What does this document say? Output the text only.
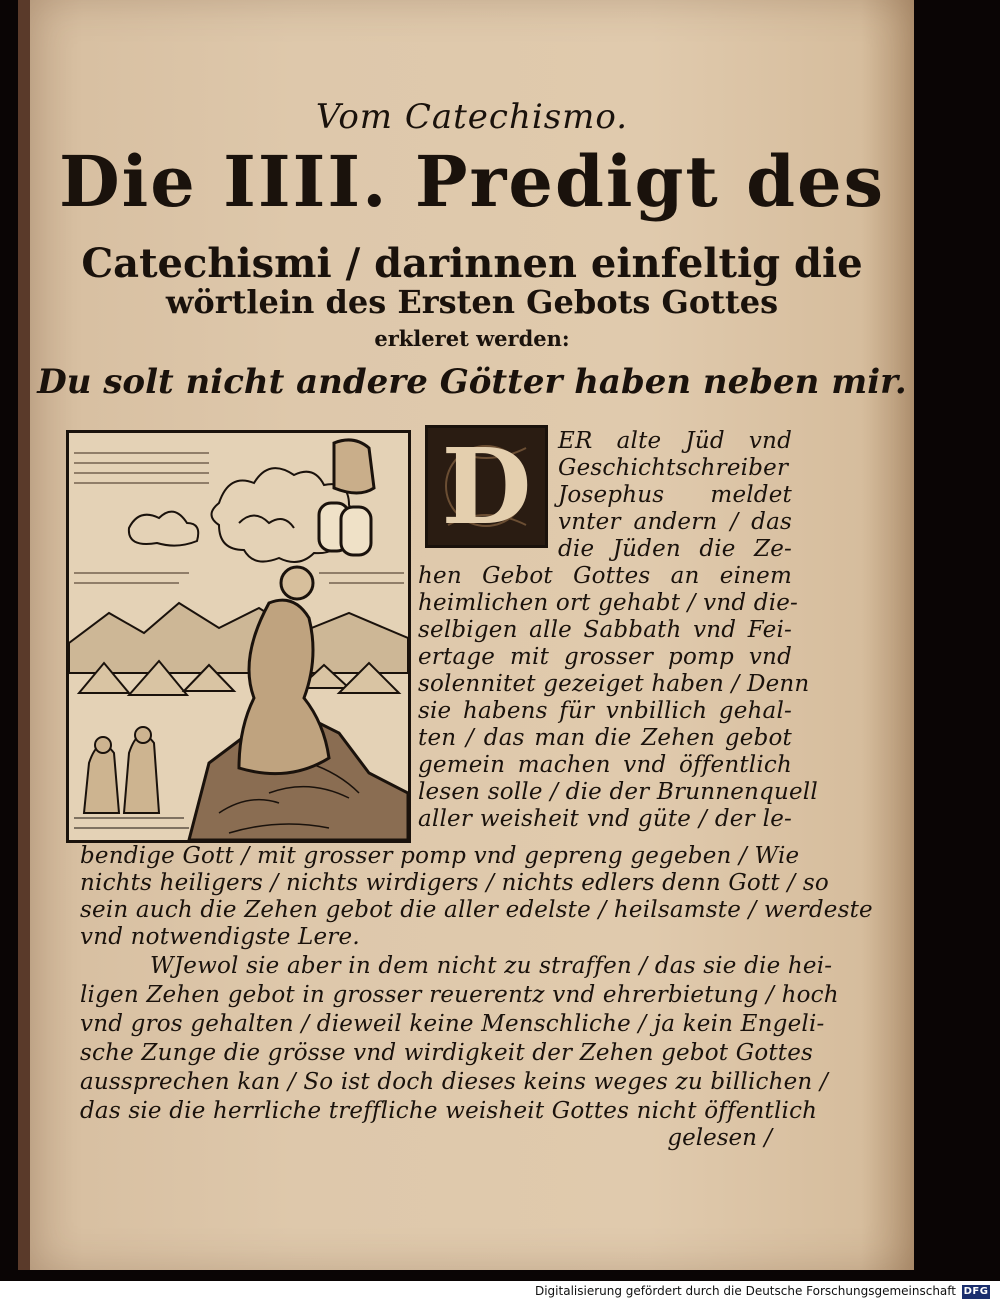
Vom Catechismo.
Die IIII. Predigt des
Catechismi / darinnen einfeltig die
wörtlein des Ersten Gebots Gottes
erkleret werden:
Du solt nicht andere Götter haben neben mir.
D	ER alte Jüd vnd
Geschichtschreiber
Josephus meldet
vnter andern / das
die Jüden die Ze-
hen Gebot Gottes an einem
heimlichen ort gehabt / vnd die-
selbigen alle Sabbath vnd Fei-
ertage mit grosser pomp vnd
solennitet gezeiget haben / Denn
sie habens für vnbillich gehal-
ten / das man die Zehen gebot
gemein machen vnd öffentlich
lesen solle / die der Brunnenquell
aller weisheit vnd güte / der le-
bendige Gott / mit grosser pomp vnd gepreng gegeben / Wie
nichts heiligers / nichts wirdigers / nichts edlers denn Gott / so
sein auch die Zehen gebot die aller edelste / heilsamste / werdeste
vnd notwendigste Lere.
WJewol sie aber in dem nicht zu straffen / das sie die hei-
ligen Zehen gebot in grosser reuerentz vnd ehrerbietung / hoch
vnd gros gehalten / dieweil keine Menschliche / ja kein Engeli-
sche Zunge die grösse vnd wirdigkeit der Zehen gebot Gottes
aussprechen kan / So ist doch dieses keins weges zu billichen /
das sie die herrliche treffliche weisheit Gottes nicht öffentlich
gelesen /
Digitalisierung gefördert durch die Deutsche Forschungsgemeinschaft DFG
